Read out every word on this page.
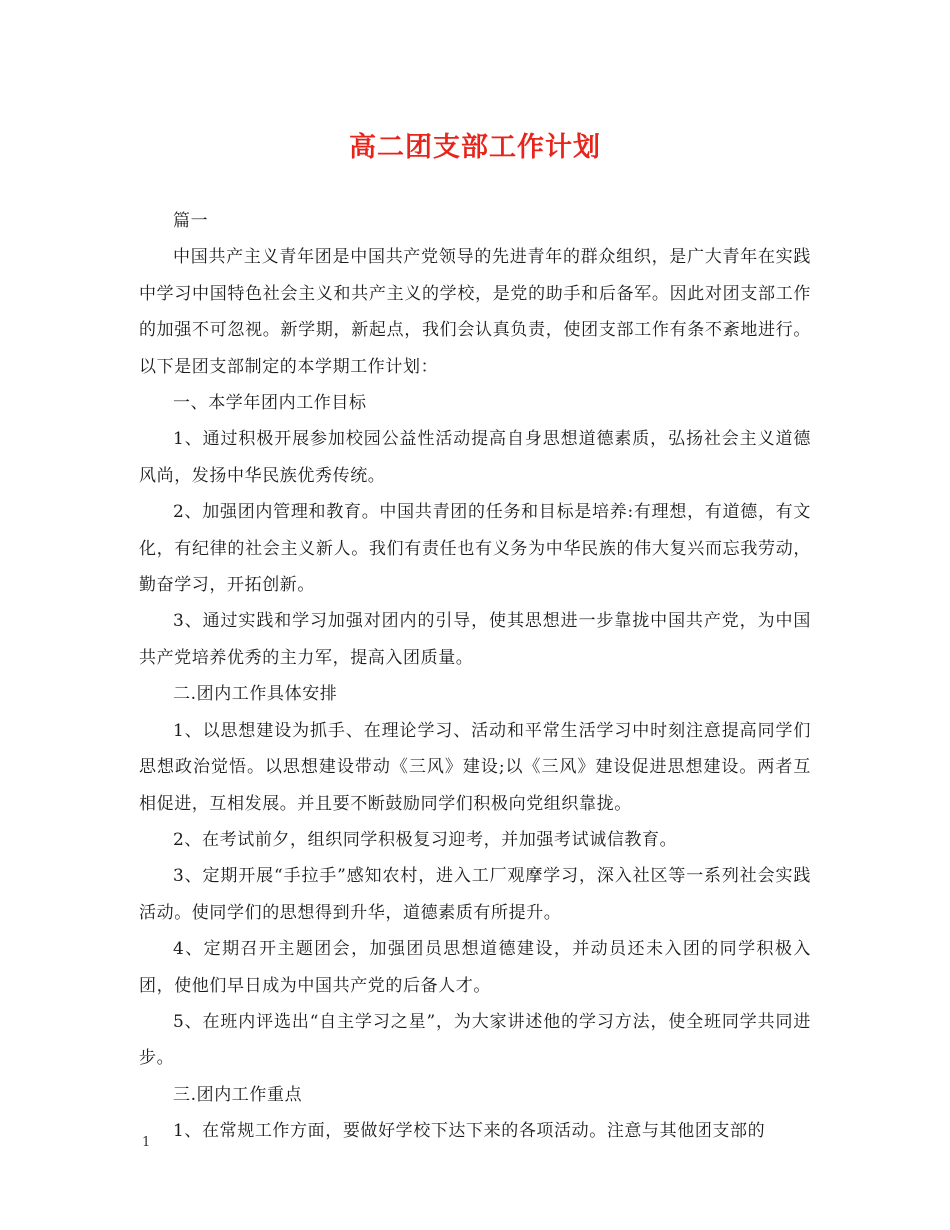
高二团支部工作计划

篇一

中国共产主义青年团是中国共产党领导的先进青年的群众组织，是广大青年在实践中学习中国特色社会主义和共产主义的学校，是党的助手和后备军。因此对团支部工作的加强不可忽视。新学期，新起点，我们会认真负责，使团支部工作有条不紊地进行。以下是团支部制定的本学期工作计划：

一、本学年团内工作目标

1、通过积极开展参加校园公益性活动提高自身思想道德素质，弘扬社会主义道德风尚，发扬中华民族优秀传统。

2、加强团内管理和教育。中国共青团的任务和目标是培养:有理想，有道德，有文化，有纪律的社会主义新人。我们有责任也有义务为中华民族的伟大复兴而忘我劳动，勤奋学习，开拓创新。

3、通过实践和学习加强对团内的引导，使其思想进一步靠拢中国共产党，为中国共产党培养优秀的主力军，提高入团质量。

二.团内工作具体安排

1、以思想建设为抓手、在理论学习、活动和平常生活学习中时刻注意提高同学们思想政治觉悟。以思想建设带动《三风》建设;以《三风》建设促进思想建设。两者互相促进，互相发展。并且要不断鼓励同学们积极向党组织靠拢。

2、在考试前夕，组织同学积极复习迎考，并加强考试诚信教育。

3、定期开展“手拉手”感知农村，进入工厂观摩学习，深入社区等一系列社会实践活动。使同学们的思想得到升华，道德素质有所提升。

4、定期召开主题团会，加强团员思想道德建设，并动员还未入团的同学积极入团，使他们早日成为中国共产党的后备人才。

5、在班内评选出“自主学习之星”，为大家讲述他的学习方法，使全班同学共同进步。

三.团内工作重点

1、在常规工作方面，要做好学校下达下来的各项活动。注意与其他团支部的

1
